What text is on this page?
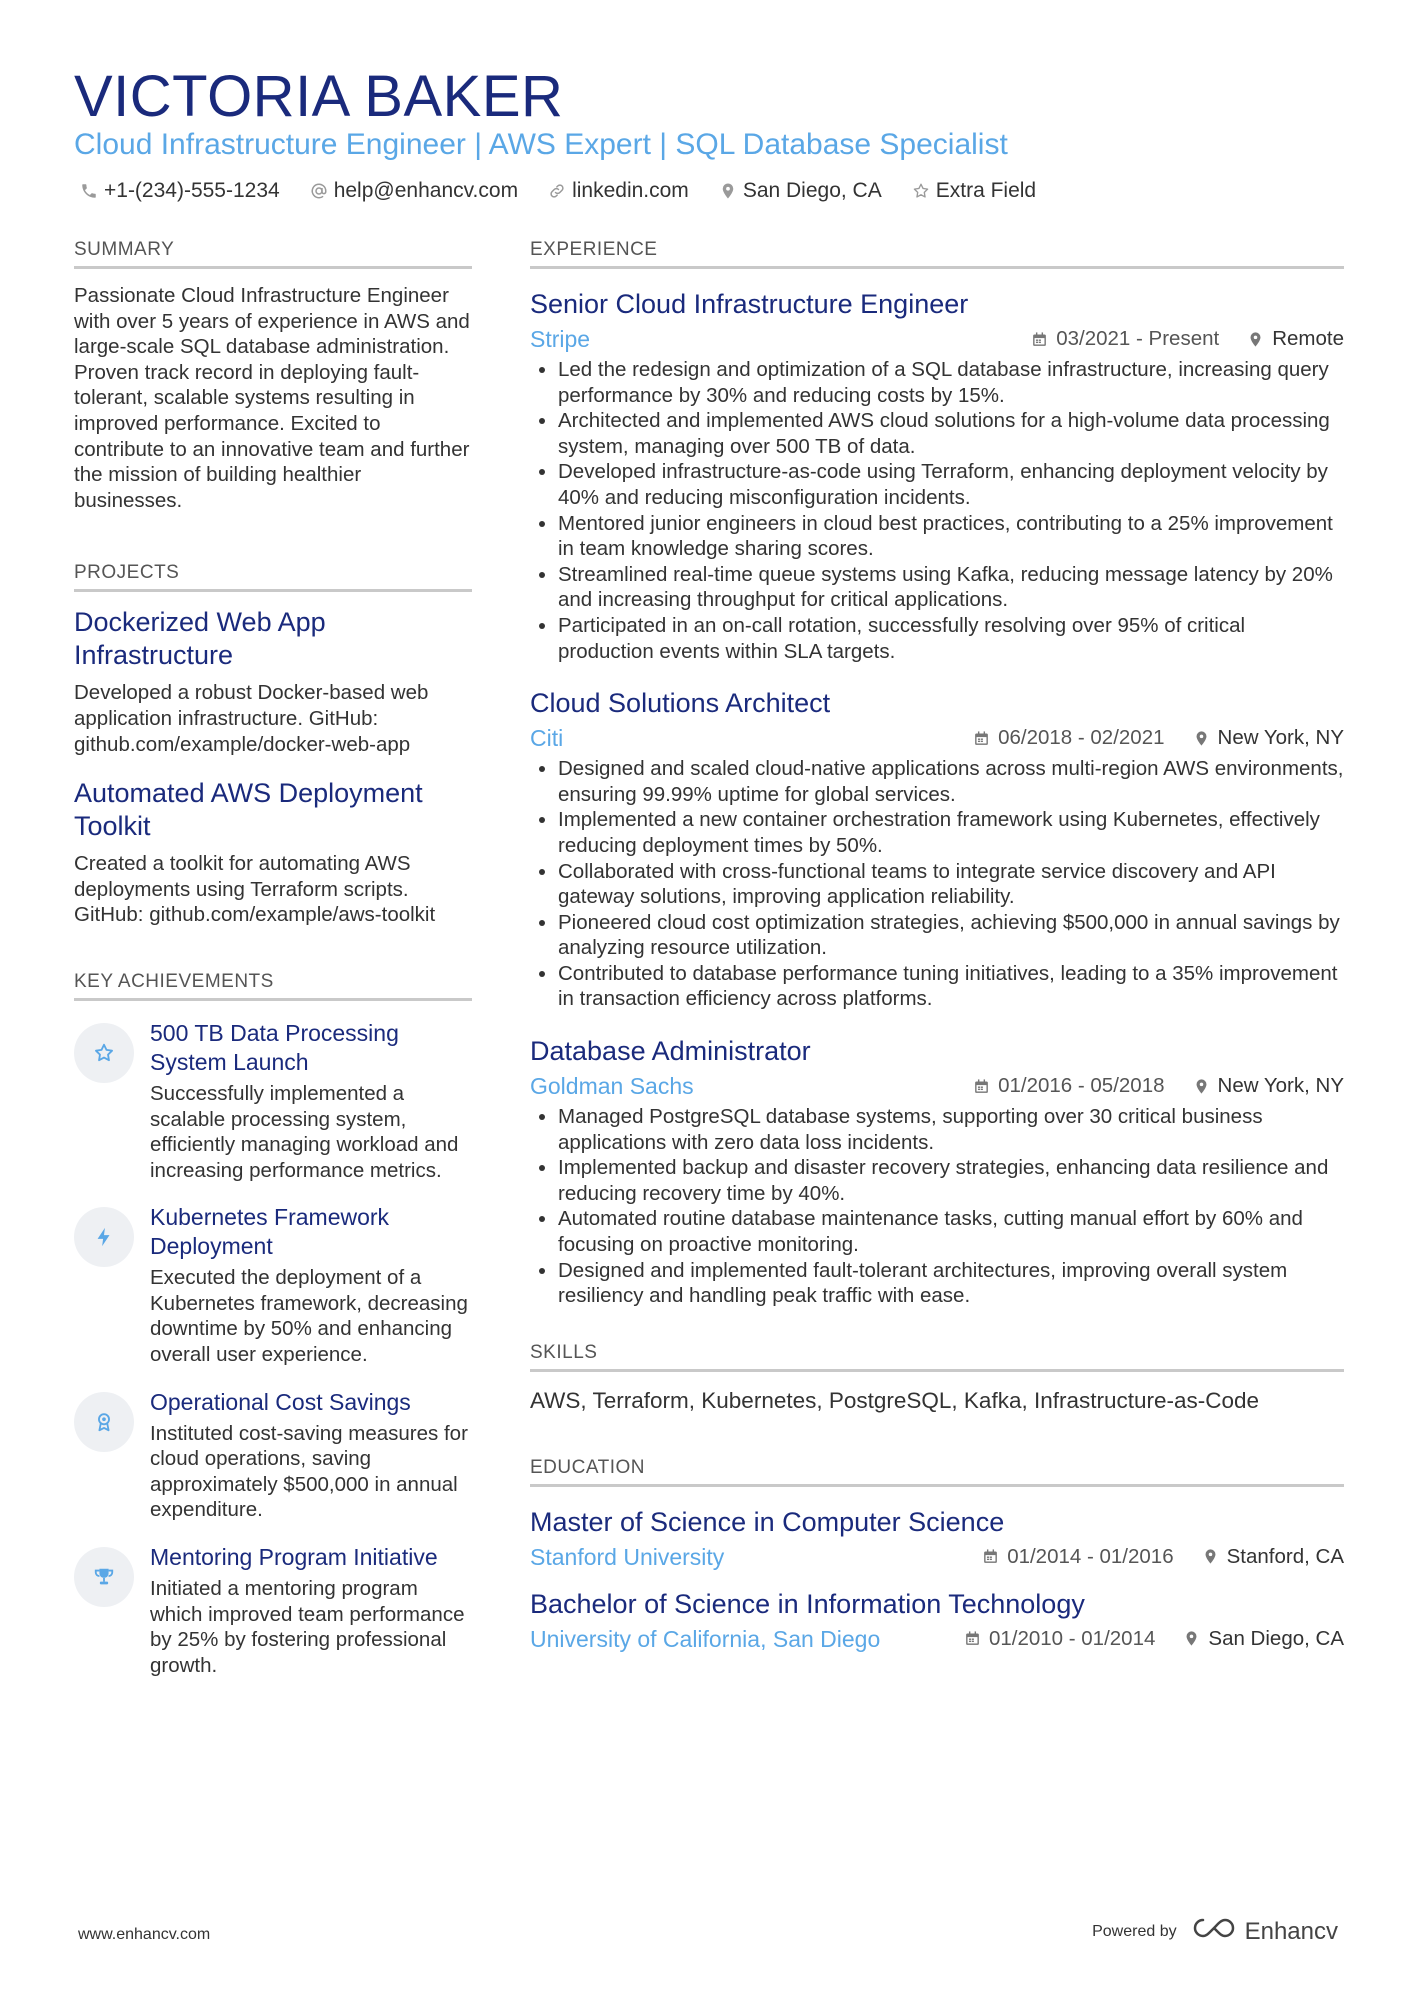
VICTORIA BAKER
Cloud Infrastructure Engineer | AWS Expert | SQL Database Specialist
+1-(234)-555-1234	help@enhancv.com	linkedin.com	San Diego, CA	Extra Field
SUMMARY
Passionate Cloud Infrastructure Engineer with over 5 years of experience in AWS and large-scale SQL database administration. Proven track record in deploying fault-tolerant, scalable systems resulting in improved performance. Excited to contribute to an innovative team and further the mission of building healthier businesses.
PROJECTS
Dockerized Web App Infrastructure
Developed a robust Docker-based web application infrastructure. GitHub: github.com/example/docker-web-app
Automated AWS Deployment Toolkit
Created a toolkit for automating AWS deployments using Terraform scripts. GitHub: github.com/example/aws-toolkit
KEY ACHIEVEMENTS
500 TB Data Processing System Launch
Successfully implemented a scalable processing system, efficiently managing workload and increasing performance metrics.
Kubernetes Framework Deployment
Executed the deployment of a Kubernetes framework, decreasing downtime by 50% and enhancing overall user experience.
Operational Cost Savings
Instituted cost-saving measures for cloud operations, saving approximately $500,000 in annual expenditure.
Mentoring Program Initiative
Initiated a mentoring program which improved team performance by 25% by fostering professional growth.
EXPERIENCE
Senior Cloud Infrastructure Engineer
Stripe	03/2021 - Present	Remote
• Led the redesign and optimization of a SQL database infrastructure, increasing query performance by 30% and reducing costs by 15%.
• Architected and implemented AWS cloud solutions for a high-volume data processing system, managing over 500 TB of data.
• Developed infrastructure-as-code using Terraform, enhancing deployment velocity by 40% and reducing misconfiguration incidents.
• Mentored junior engineers in cloud best practices, contributing to a 25% improvement in team knowledge sharing scores.
• Streamlined real-time queue systems using Kafka, reducing message latency by 20% and increasing throughput for critical applications.
• Participated in an on-call rotation, successfully resolving over 95% of critical production events within SLA targets.
Cloud Solutions Architect
Citi	06/2018 - 02/2021	New York, NY
• Designed and scaled cloud-native applications across multi-region AWS environments, ensuring 99.99% uptime for global services.
• Implemented a new container orchestration framework using Kubernetes, effectively reducing deployment times by 50%.
• Collaborated with cross-functional teams to integrate service discovery and API gateway solutions, improving application reliability.
• Pioneered cloud cost optimization strategies, achieving $500,000 in annual savings by analyzing resource utilization.
• Contributed to database performance tuning initiatives, leading to a 35% improvement in transaction efficiency across platforms.
Database Administrator
Goldman Sachs	01/2016 - 05/2018	New York, NY
• Managed PostgreSQL database systems, supporting over 30 critical business applications with zero data loss incidents.
• Implemented backup and disaster recovery strategies, enhancing data resilience and reducing recovery time by 40%.
• Automated routine database maintenance tasks, cutting manual effort by 60% and focusing on proactive monitoring.
• Designed and implemented fault-tolerant architectures, improving overall system resiliency and handling peak traffic with ease.
SKILLS
AWS, Terraform, Kubernetes, PostgreSQL, Kafka, Infrastructure-as-Code
EDUCATION
Master of Science in Computer Science
Stanford University	01/2014 - 01/2016	Stanford, CA
Bachelor of Science in Information Technology
University of California, San Diego	01/2010 - 01/2014	San Diego, CA
www.enhancv.com	Powered by	Enhancv
